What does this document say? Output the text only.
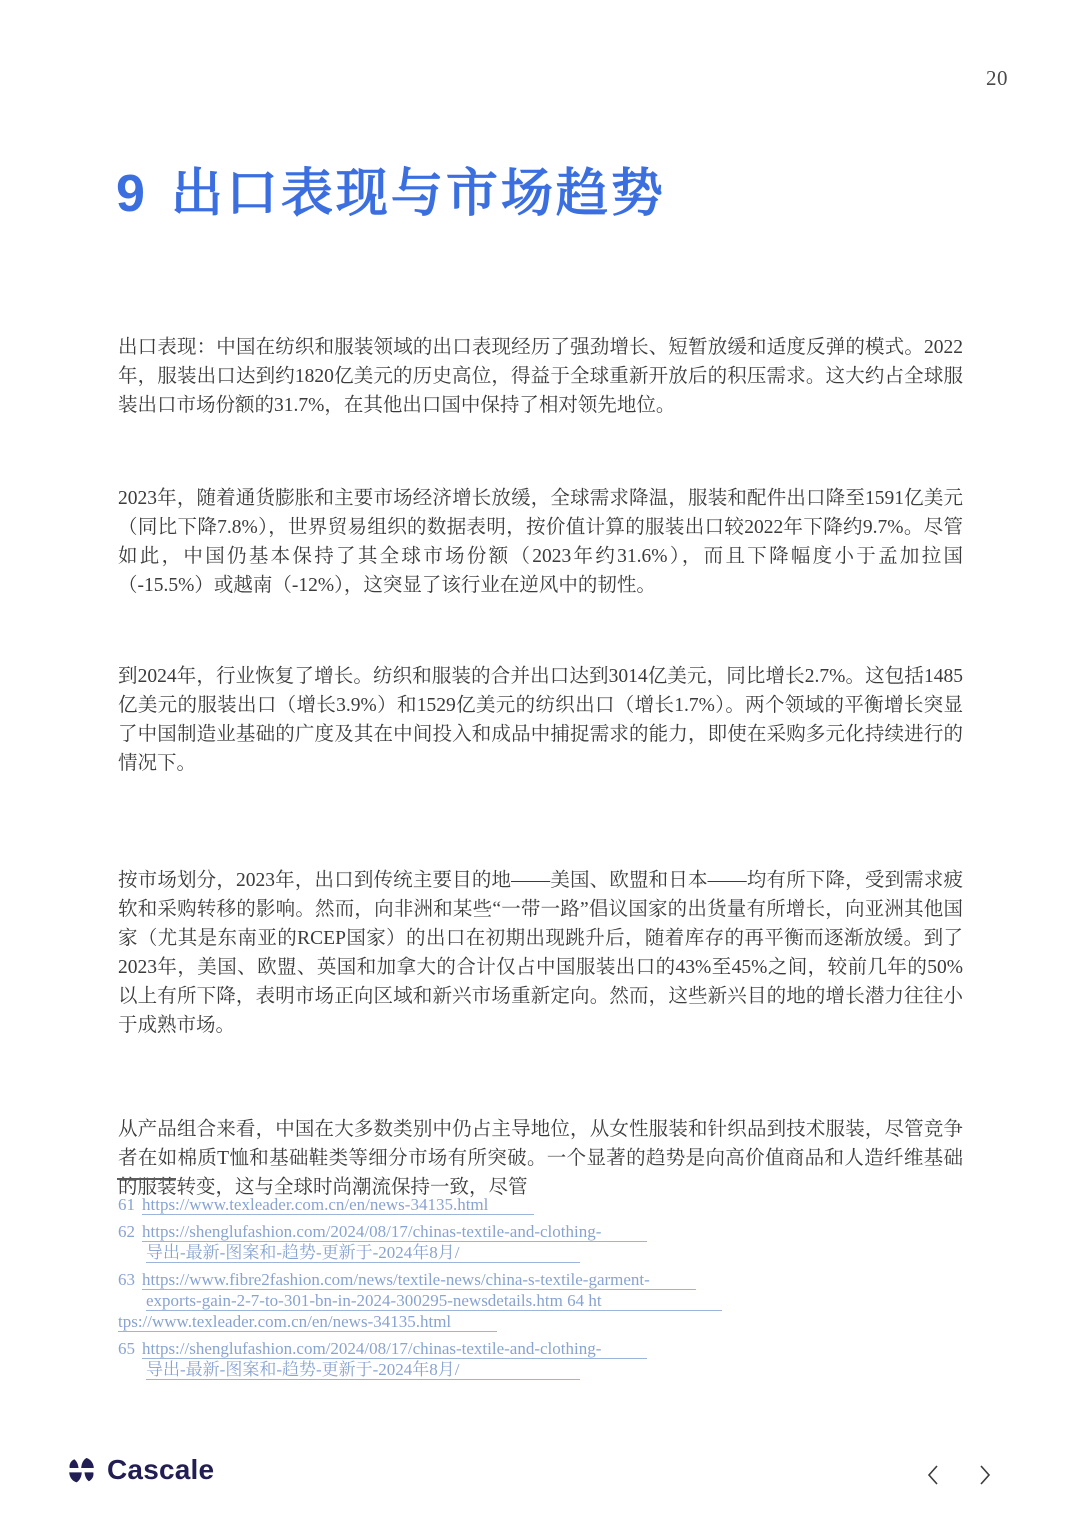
20
9 出口表现与市场趋势

出口表现：中国在纺织和服装领域的出口表现经历了强劲增长、短暂放缓和适度反弹的模式。2022年，服装出口达到约1820亿美元的历史高位，得益于全球重新开放后的积压需求。这大约占全球服装出口市场份额的31.7%，在其他出口国中保持了相对领先地位。

2023年，随着通货膨胀和主要市场经济增长放缓，全球需求降温，服装和配件出口降至1591亿美元（同比下降7.8%），世界贸易组织的数据表明，按价值计算的服装出口较2022年下降约9.7%。尽管如此，中国仍基本保持了其全球市场份额（2023年约31.6%），而且下降幅度小于孟加拉国（-15.5%）或越南（-12%），这突显了该行业在逆风中的韧性。

到2024年，行业恢复了增长。纺织和服装的合并出口达到3014亿美元，同比增长2.7%。这包括1485亿美元的服装出口（增长3.9%）和1529亿美元的纺织出口（增长1.7%）。两个领域的平衡增长突显了中国制造业基础的广度及其在中间投入和成品中捕捉需求的能力，即使在采购多元化持续进行的情况下。

按市场划分，2023年，出口到传统主要目的地——美国、欧盟和日本——均有所下降，受到需求疲软和采购转移的影响。然而，向非洲和某些“一带一路”倡议国家的出货量有所增长，向亚洲其他国家（尤其是东南亚的RCEP国家）的出口在初期出现跳升后，随着库存的再平衡而逐渐放缓。到了2023年，美国、欧盟、英国和加拿大的合计仅占中国服装出口的43%至45%之间，较前几年的50%以上有所下降，表明市场正向区域和新兴市场重新定向。然而，这些新兴目的地的增长潜力往往小于成熟市场。

从产品组合来看，中国在大多数类别中仍占主导地位，从女性服装和针织品到技术服装，尽管竞争者在如棉质T恤和基础鞋类等细分市场有所突破。一个显著的趋势是向高价值商品和人造纤维基础的服装转变，这与全球时尚潮流保持一致，尽管

61 https://www.texleader.com.cn/en/news-34135.html
62 https://shenglufashion.com/2024/08/17/chinas-textile-and-clothing-
导出-最新-图案和-趋势-更新于-2024年8月/
63 https://www.fibre2fashion.com/news/textile-news/china-s-textile-garment-
exports-gain-2-7-to-301-bn-in-2024-300295-newsdetails.htm 64 ht
tps://www.texleader.com.cn/en/news-34135.html
65 https://shenglufashion.com/2024/08/17/chinas-textile-and-clothing-
导出-最新-图案和-趋势-更新于-2024年8月/
Cascale
